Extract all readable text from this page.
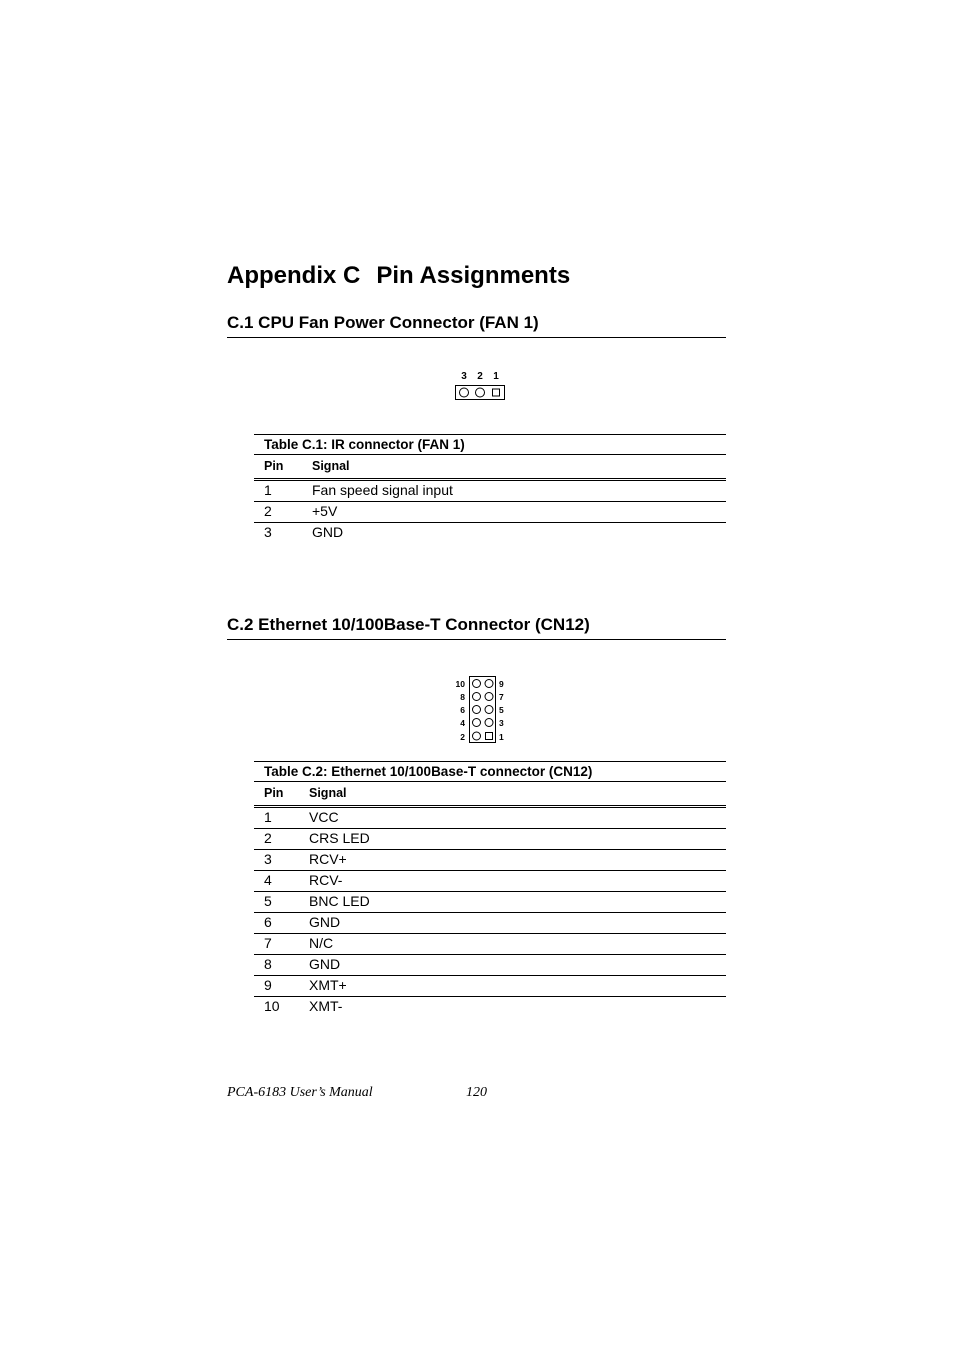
Appendix C Pin Assignments
C.1 CPU Fan Power Connector (FAN 1)
3 2 1
Table C.1: IR connector (FAN 1)
Pin	Signal
1	Fan speed signal input
2	+5V
3	GND
C.2 Ethernet 10/100Base-T Connector (CN12)
10
8
6
4
2
9
7
5
3
1
Table C.2: Ethernet 10/100Base-T connector (CN12)
Pin	Signal
1	VCC
2	CRS LED
3	RCV+
4	RCV-
5	BNC LED
6	GND
7	N/C
8	GND
9	XMT+
10	XMT-
PCA-6183 User’s Manual	120
